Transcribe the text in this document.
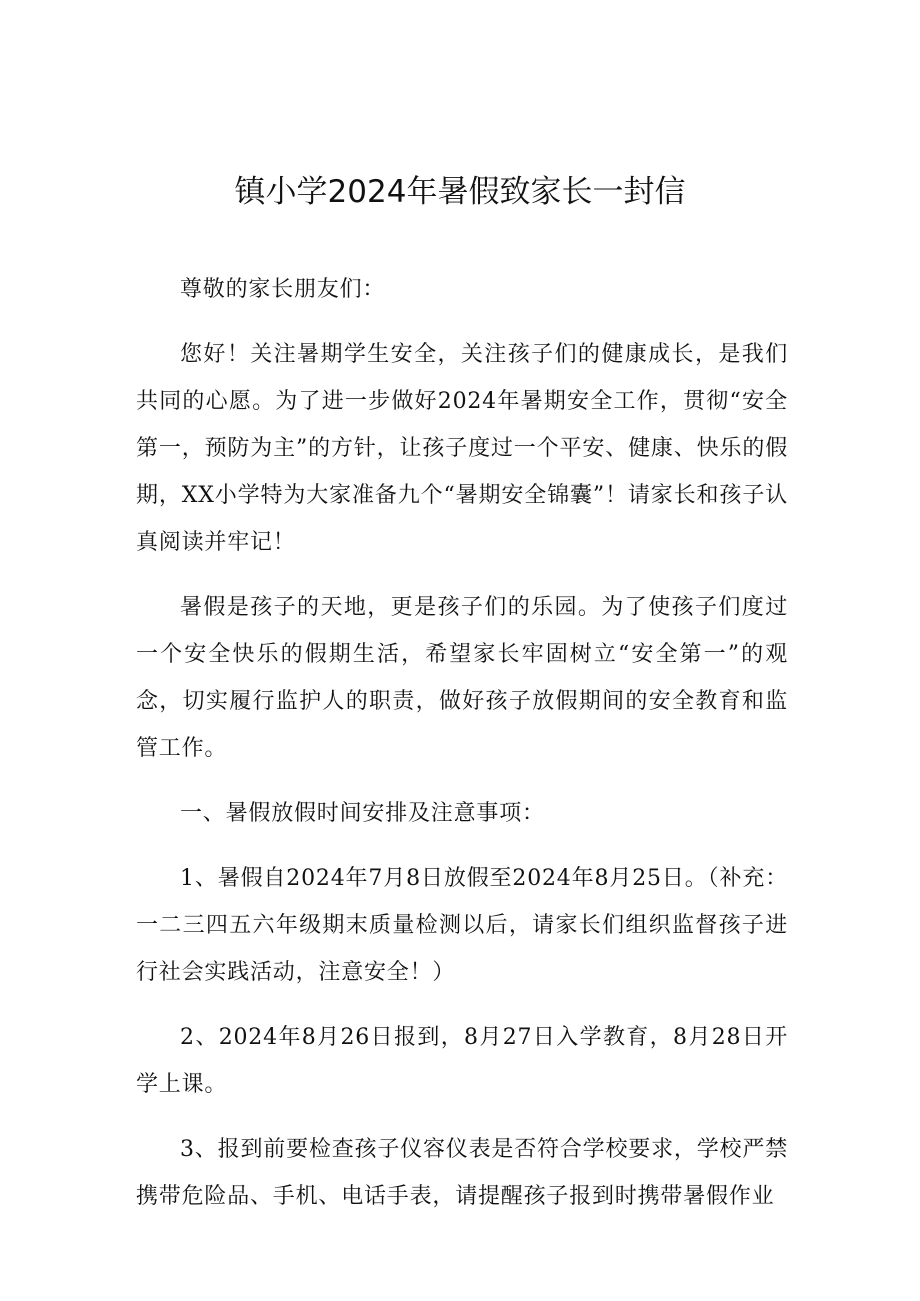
镇小学2024年暑假致家长一封信

尊敬的家长朋友们：

您好！关注暑期学生安全，关注孩子们的健康成长，是我们共同的心愿。为了进一步做好2024年暑期安全工作，贯彻“安全第一，预防为主”的方针，让孩子度过一个平安、健康、快乐的假期，XX小学特为大家准备九个“暑期安全锦囊”！请家长和孩子认真阅读并牢记！

暑假是孩子的天地，更是孩子们的乐园。为了使孩子们度过一个安全快乐的假期生活，希望家长牢固树立“安全第一”的观念，切实履行监护人的职责，做好孩子放假期间的安全教育和监管工作。

一、暑假放假时间安排及注意事项：

1、暑假自2024年7月8日放假至2024年8月25日。（补充：一二三四五六年级期末质量检测以后，请家长们组织监督孩子进行社会实践活动，注意安全！）

2、2024年8月26日报到，8月27日入学教育，8月28日开学上课。

3、报到前要检查孩子仪容仪表是否符合学校要求，学校严禁携带危险品、手机、电话手表，请提醒孩子报到时携带暑假作业
